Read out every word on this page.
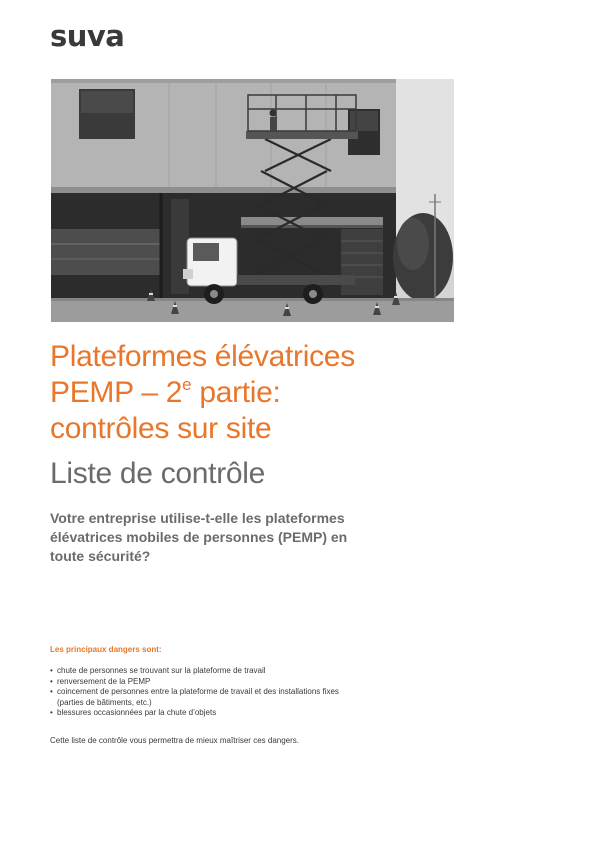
suva
Plateformes élévatrices
PEMP – 2e partie:
contrôles sur site
Liste de contrôle

Votre entreprise utilise-t-elle les plateformes
élévatrices mobiles de personnes (PEMP) en
toute sécurité?

Les principaux dangers sont:
• chute de personnes se trouvant sur la plateforme de travail
• renversement de la PEMP
• coincement de personnes entre la plateforme de travail et des installations fixes
(parties de bâtiments, etc.)
• blessures occasionnées par la chute d’objets
Cette liste de contrôle vous permettra de mieux maîtriser ces dangers.
